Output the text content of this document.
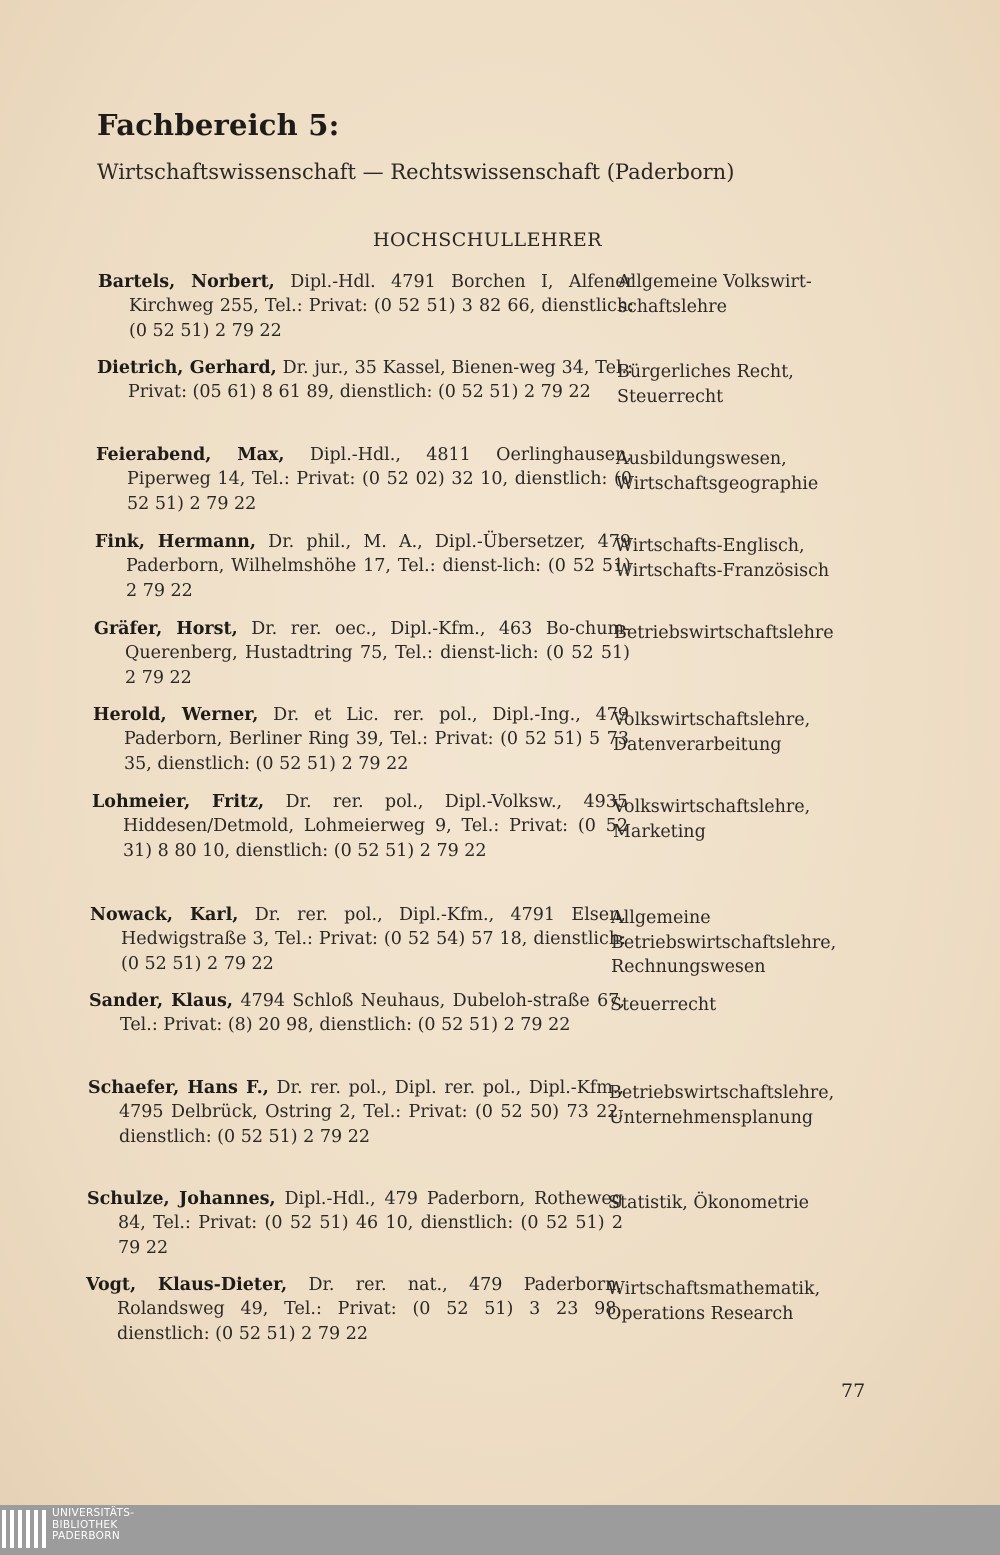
Fachbereich 5:
Wirtschaftswissenschaft — Rechtswissenschaft (Paderborn)
HOCHSCHULLEHRER
Bartels, Norbert, Dipl.-Hdl. 4791 Borchen I, Alfener Kirchweg 255, Tel.: Privat: (0 52 51) 3 82 66, dienstlich: (0 52 51) 2 79 22
Allgemeine Volkswirt-schaftslehre
Dietrich, Gerhard, Dr. jur., 35 Kassel, Bienen-weg 34, Tel.: Privat: (05 61) 8 61 89, dienstlich: (0 52 51) 2 79 22
Bürgerliches Recht, Steuerrecht
Feierabend, Max, Dipl.-Hdl., 4811 Oerlinghausen, Piperweg 14, Tel.: Privat: (0 52 02) 32 10, dienstlich: (0 52 51) 2 79 22
Ausbildungswesen, Wirtschaftsgeographie
Fink, Hermann, Dr. phil., M. A., Dipl.-Übersetzer, 479 Paderborn, Wilhelmshöhe 17, Tel.: dienst-lich: (0 52 51) 2 79 22
Wirtschafts-Englisch, Wirtschafts-Französisch
Gräfer, Horst, Dr. rer. oec., Dipl.-Kfm., 463 Bo-chum-Querenberg, Hustadtring 75, Tel.: dienst-lich: (0 52 51) 2 79 22
Betriebswirtschaftslehre
Herold, Werner, Dr. et Lic. rer. pol., Dipl.-Ing., 479 Paderborn, Berliner Ring 39, Tel.: Privat: (0 52 51) 5 73 35, dienstlich: (0 52 51) 2 79 22
Volkswirtschaftslehre, Datenverarbeitung
Lohmeier, Fritz, Dr. rer. pol., Dipl.-Volksw., 4935 Hiddesen/Detmold, Lohmeierweg 9, Tel.: Privat: (0 52 31) 8 80 10, dienstlich: (0 52 51) 2 79 22
Volkswirtschaftslehre, Marketing
Nowack, Karl, Dr. rer. pol., Dipl.-Kfm., 4791 Elsen, Hedwigstraße 3, Tel.: Privat: (0 52 54) 57 18, dienstlich: (0 52 51) 2 79 22
Allgemeine Betriebswirtschaftslehre, Rechnungswesen
Sander, Klaus, 4794 Schloß Neuhaus, Dubeloh-straße 67, Tel.: Privat: (8) 20 98, dienstlich: (0 52 51) 2 79 22
Steuerrecht
Schaefer, Hans F., Dr. rer. pol., Dipl. rer. pol., Dipl.-Kfm., 4795 Delbrück, Ostring 2, Tel.: Privat: (0 52 50) 73 22, dienstlich: (0 52 51) 2 79 22
Betriebswirtschaftslehre, Unternehmensplanung
Schulze, Johannes, Dipl.-Hdl., 479 Paderborn, Rotheweg 84, Tel.: Privat: (0 52 51) 46 10, dienstlich: (0 52 51) 2 79 22
Statistik, Ökonometrie
Vogt, Klaus-Dieter, Dr. rer. nat., 479 Paderborn, Rolandsweg 49, Tel.: Privat: (0 52 51) 3 23 98, dienstlich: (0 52 51) 2 79 22
Wirtschaftsmathematik, Operations Research
77
UNIVERSITÄTS-
BIBLIOTHEK
PADERBORN
